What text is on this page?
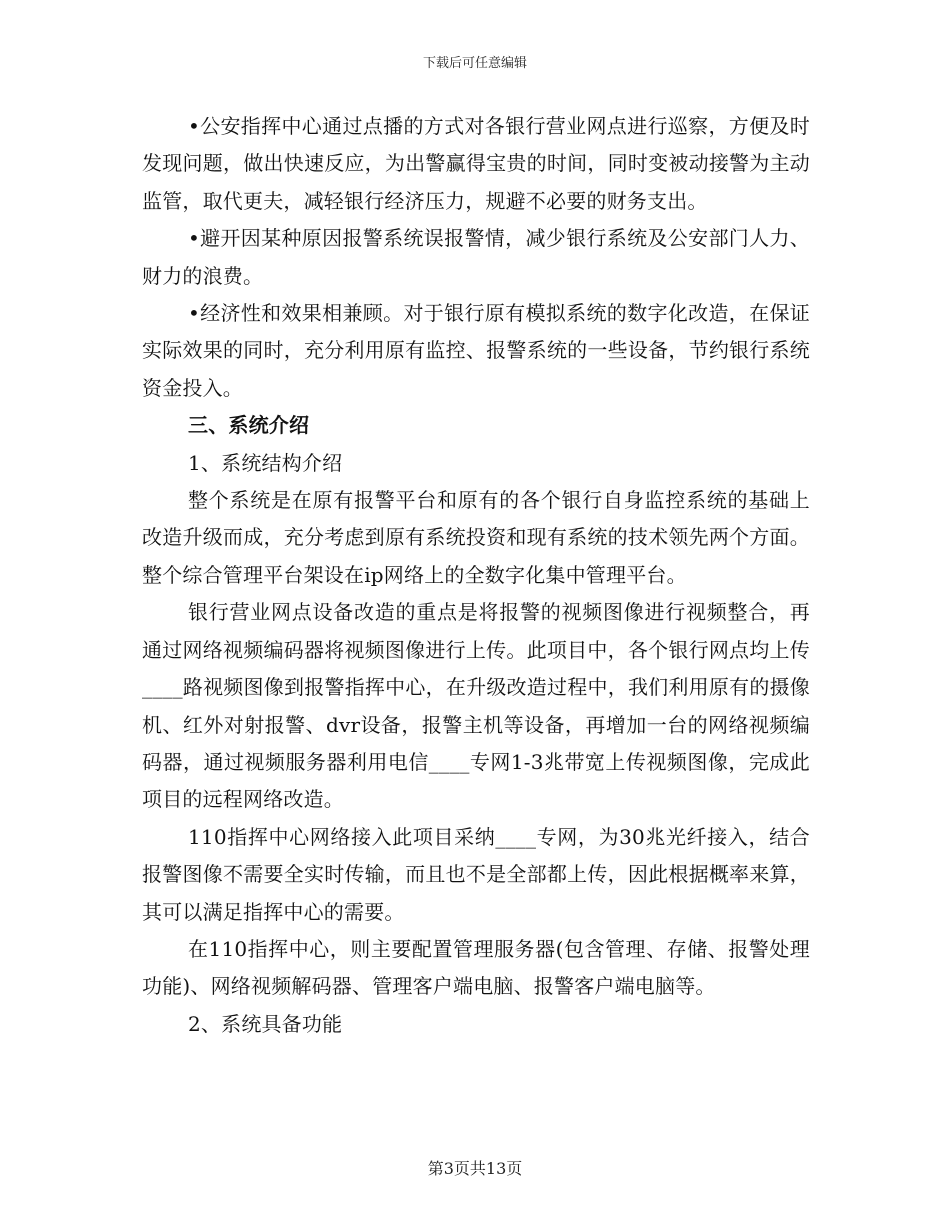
下载后可任意编辑

•公安指挥中心通过点播的方式对各银行营业网点进行巡察，方便及时发现问题，做出快速反应，为出警赢得宝贵的时间，同时变被动接警为主动监管，取代更夫，减轻银行经济压力，规避不必要的财务支出。

•避开因某种原因报警系统误报警情，减少银行系统及公安部门人力、财力的浪费。

•经济性和效果相兼顾。对于银行原有模拟系统的数字化改造，在保证实际效果的同时，充分利用原有监控、报警系统的一些设备，节约银行系统资金投入。

三、系统介绍

1、系统结构介绍

整个系统是在原有报警平台和原有的各个银行自身监控系统的基础上改造升级而成，充分考虑到原有系统投资和现有系统的技术领先两个方面。整个综合管理平台架设在ip网络上的全数字化集中管理平台。

银行营业网点设备改造的重点是将报警的视频图像进行视频整合，再通过网络视频编码器将视频图像进行上传。此项目中，各个银行网点均上传____路视频图像到报警指挥中心，在升级改造过程中，我们利用原有的摄像机、红外对射报警、dvr设备，报警主机等设备，再增加一台的网络视频编码器，通过视频服务器利用电信____专网1-3兆带宽上传视频图像，完成此项目的远程网络改造。

110指挥中心网络接入此项目采纳____专网，为30兆光纤接入，结合报警图像不需要全实时传输，而且也不是全部都上传，因此根据概率来算，其可以满足指挥中心的需要。

在110指挥中心，则主要配置管理服务器(包含管理、存储、报警处理功能)、网络视频解码器、管理客户端电脑、报警客户端电脑等。

2、系统具备功能

第3页共13页
